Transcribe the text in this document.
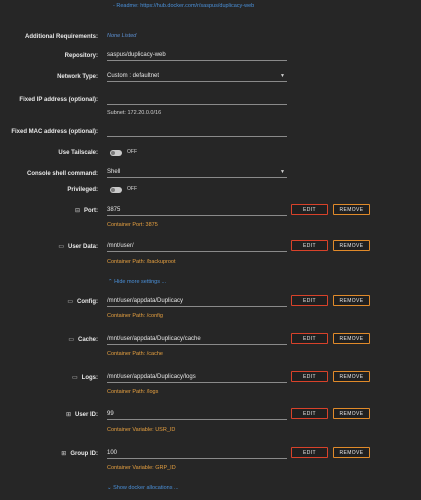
- Readme: https://hub.docker.com/r/saspus/duplicacy-web
Additional Requirements: None Listed
Repository: saspus/duplicacy-web
Network Type: Custom : defaultnet	▼
Fixed IP address (optional):
Subnet: 172.20.0.0/16
Fixed MAC address (optional):
Use Tailscale:	OFF
Console shell command: Shell	▼
Privileged:	OFF
⊟ Port: 3875
Container Port: 3875
EDIT	REMOVE
▭ User Data: /mnt/user/
Container Path: /backuproot
EDIT	REMOVE
⌃ Hide more settings ...
▭ Config: /mnt/user/appdata/Duplicacy
Container Path: /config
EDIT	REMOVE
▭ Cache: /mnt/user/appdata/Duplicacy/cache
Container Path: /cache
EDIT	REMOVE
▭ Logs: /mnt/user/appdata/Duplicacy/logs
Container Path: /logs
EDIT	REMOVE
⊞ User ID: 99
Container Variable: USR_ID
EDIT	REMOVE
⊞ Group ID: 100
Container Variable: GRP_ID
EDIT	REMOVE
⌄ Show docker allocations ...
